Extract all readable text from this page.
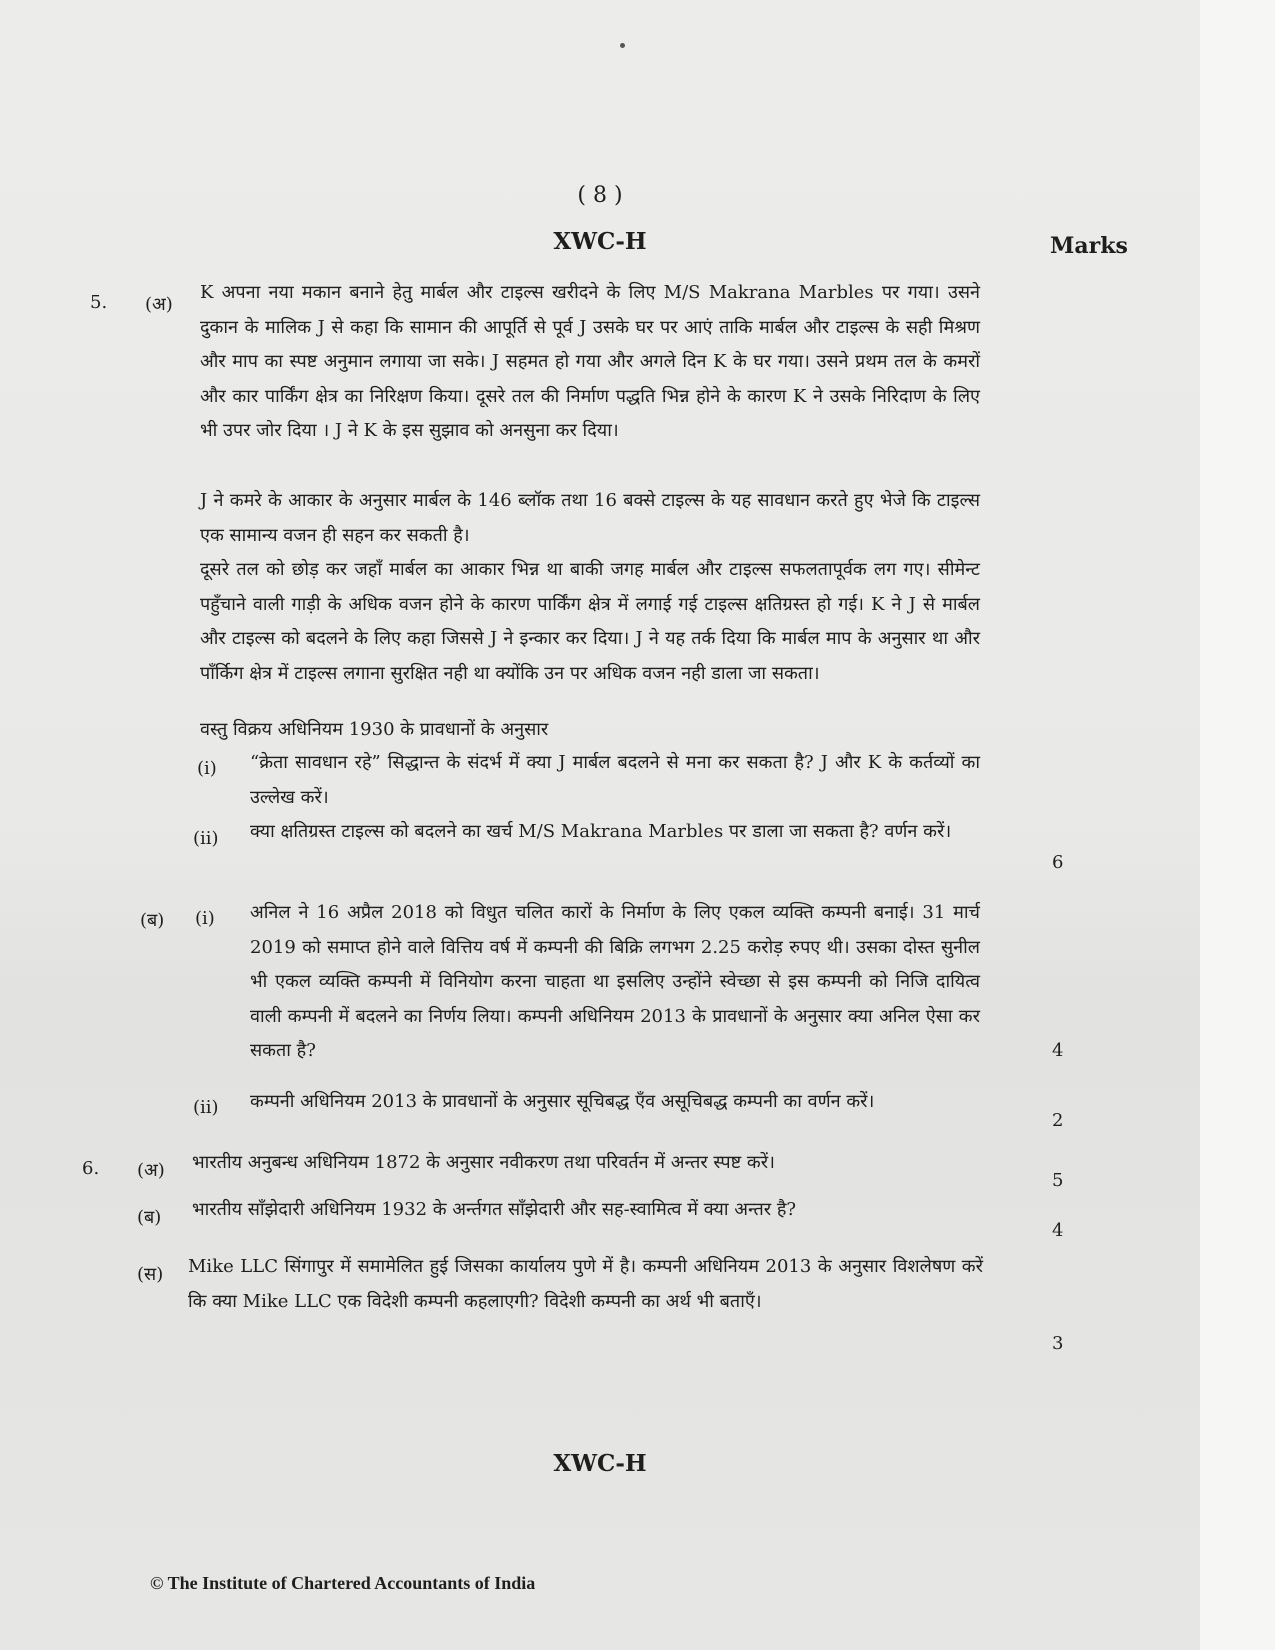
( 8 )
XWC-H	Marks
5. (अ)
K अपना नया मकान बनाने हेतु मार्बल और टाइल्स खरीदने के लिए M/S Makrana Marbles पर गया। उसने दुकान के मालिक J से कहा कि सामान की आपूर्ति से पूर्व J उसके घर पर आएं ताकि मार्बल और टाइल्स के सही मिश्रण और माप का स्पष्ट अनुमान लगाया जा सके। J सहमत हो गया और अगले दिन K के घर गया। उसने प्रथम तल के कमरों और कार पार्किंग क्षेत्र का निरिक्षण किया। दूसरे तल की निर्माण पद्धति भिन्न होने के कारण K ने उसके निरिदाण के लिए भी उपर जोर दिया । J ने K के इस सुझाव को अनसुना कर दिया।
J ने कमरे के आकार के अनुसार मार्बल के 146 ब्लॉक तथा 16 बक्से टाइल्स के यह सावधान करते हुए भेजे कि टाइल्स एक सामान्य वजन ही सहन कर सकती है।
दूसरे तल को छोड़ कर जहाँ मार्बल का आकार भिन्न था बाकी जगह मार्बल और टाइल्स सफलतापूर्वक लग गए। सीमेन्ट पहुँचाने वाली गाड़ी के अधिक वजन होने के कारण पार्किंग क्षेत्र में लगाई गई टाइल्स क्षतिग्रस्त हो गई। K ने J से मार्बल और टाइल्स को बदलने के लिए कहा जिससे J ने इन्कार कर दिया। J ने यह तर्क दिया कि मार्बल माप के अनुसार था और पाँर्किग क्षेत्र में टाइल्स लगाना सुरक्षित नही था क्योंकि उन पर अधिक वजन नही डाला जा सकता।
वस्तु विक्रय अधिनियम 1930 के प्रावधानों के अनुसार
(i) “क्रेता सावधान रहे” सिद्धान्त के संदर्भ में क्या J मार्बल बदलने से मना कर सकता है? J और K के कर्तव्यों का उल्लेख करें।
(ii) क्या क्षतिग्रस्त टाइल्स को बदलने का खर्च M/S Makrana Marbles पर डाला जा सकता है? वर्णन करें।
6
(ब) (i) अनिल ने 16 अप्रैल 2018 को विधुत चलित कारों के निर्माण के लिए एकल व्यक्ति कम्पनी बनाई। 31 मार्च 2019 को समाप्त होने वाले वित्तिय वर्ष में कम्पनी की बिक्रि लगभग 2.25 करोड़ रुपए थी। उसका दोस्त सुनील भी एकल व्यक्ति कम्पनी में विनियोग करना चाहता था इसलिए उन्होंने स्वेच्छा से इस कम्पनी को निजि दायित्व वाली कम्पनी में बदलने का निर्णय लिया। कम्पनी अधिनियम 2013 के प्रावधानों के अनुसार क्या अनिल ऐसा कर सकता है?	4
(ii) कम्पनी अधिनियम 2013 के प्रावधानों के अनुसार सूचिबद्ध एँव असूचिबद्ध कम्पनी का वर्णन करें।
2
6. (अ) भारतीय अनुबन्ध अधिनियम 1872 के अनुसार नवीकरण तथा परिवर्तन में अन्तर स्पष्ट करें।
5
(ब) भारतीय साँझेदारी अधिनियम 1932 के अर्न्तगत साँझेदारी और सह-स्वामित्व में क्या अन्तर है?
4
(स) Mike LLC सिंगापुर में समामेलित हुई जिसका कार्यालय पुणे में है। कम्पनी अधिनियम 2013 के अनुसार विशलेषण करें कि क्या Mike LLC एक विदेशी कम्पनी कहलाएगी? विदेशी कम्पनी का अर्थ भी बताएँ।
3
XWC-H
© The Institute of Chartered Accountants of India
